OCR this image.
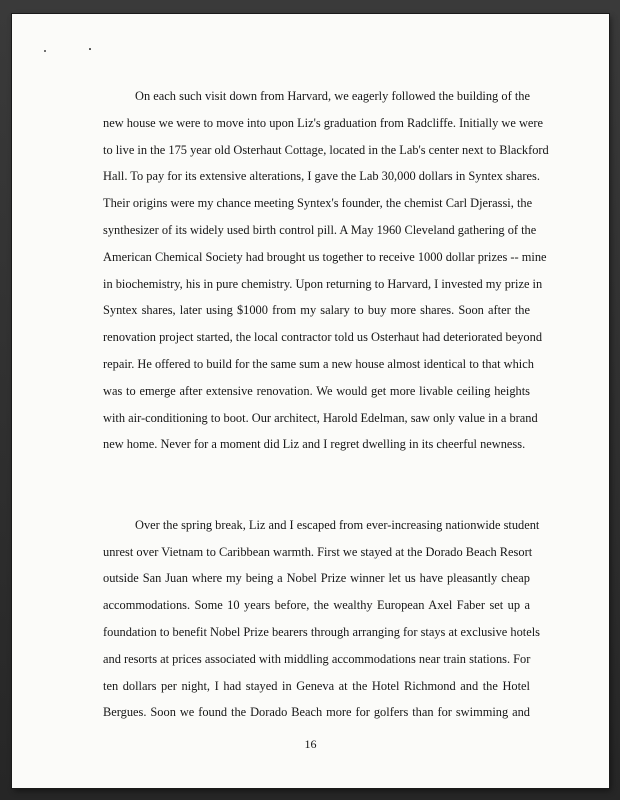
On each such visit down from Harvard, we eagerly followed the building of the
new house we were to move into upon Liz's graduation from Radcliffe. Initially we were
to live in the 175 year old Osterhaut Cottage, located in the Lab's center next to Blackford
Hall. To pay for its extensive alterations, I gave the Lab 30,000 dollars in Syntex shares.
Their origins were my chance meeting Syntex's founder, the chemist Carl Djerassi, the
synthesizer of its widely used birth control pill. A May 1960 Cleveland gathering of the
American Chemical Society had brought us together to receive 1000 dollar prizes -- mine
in biochemistry, his in pure chemistry. Upon returning to Harvard, I invested my prize in
Syntex shares, later using $1000 from my salary to buy more shares. Soon after the
renovation project started, the local contractor told us Osterhaut had deteriorated beyond
repair. He offered to build for the same sum a new house almost identical to that which
was to emerge after extensive renovation. We would get more livable ceiling heights
with air-conditioning to boot. Our architect, Harold Edelman, saw only value in a brand
new home. Never for a moment did Liz and I regret dwelling in its cheerful newness.

Over the spring break, Liz and I escaped from ever-increasing nationwide student
unrest over Vietnam to Caribbean warmth. First we stayed at the Dorado Beach Resort
outside San Juan where my being a Nobel Prize winner let us have pleasantly cheap
accommodations. Some 10 years before, the wealthy European Axel Faber set up a
foundation to benefit Nobel Prize bearers through arranging for stays at exclusive hotels
and resorts at prices associated with middling accommodations near train stations. For
ten dollars per night, I had stayed in Geneva at the Hotel Richmond and the Hotel
Bergues. Soon we found the Dorado Beach more for golfers than for swimming and

16
